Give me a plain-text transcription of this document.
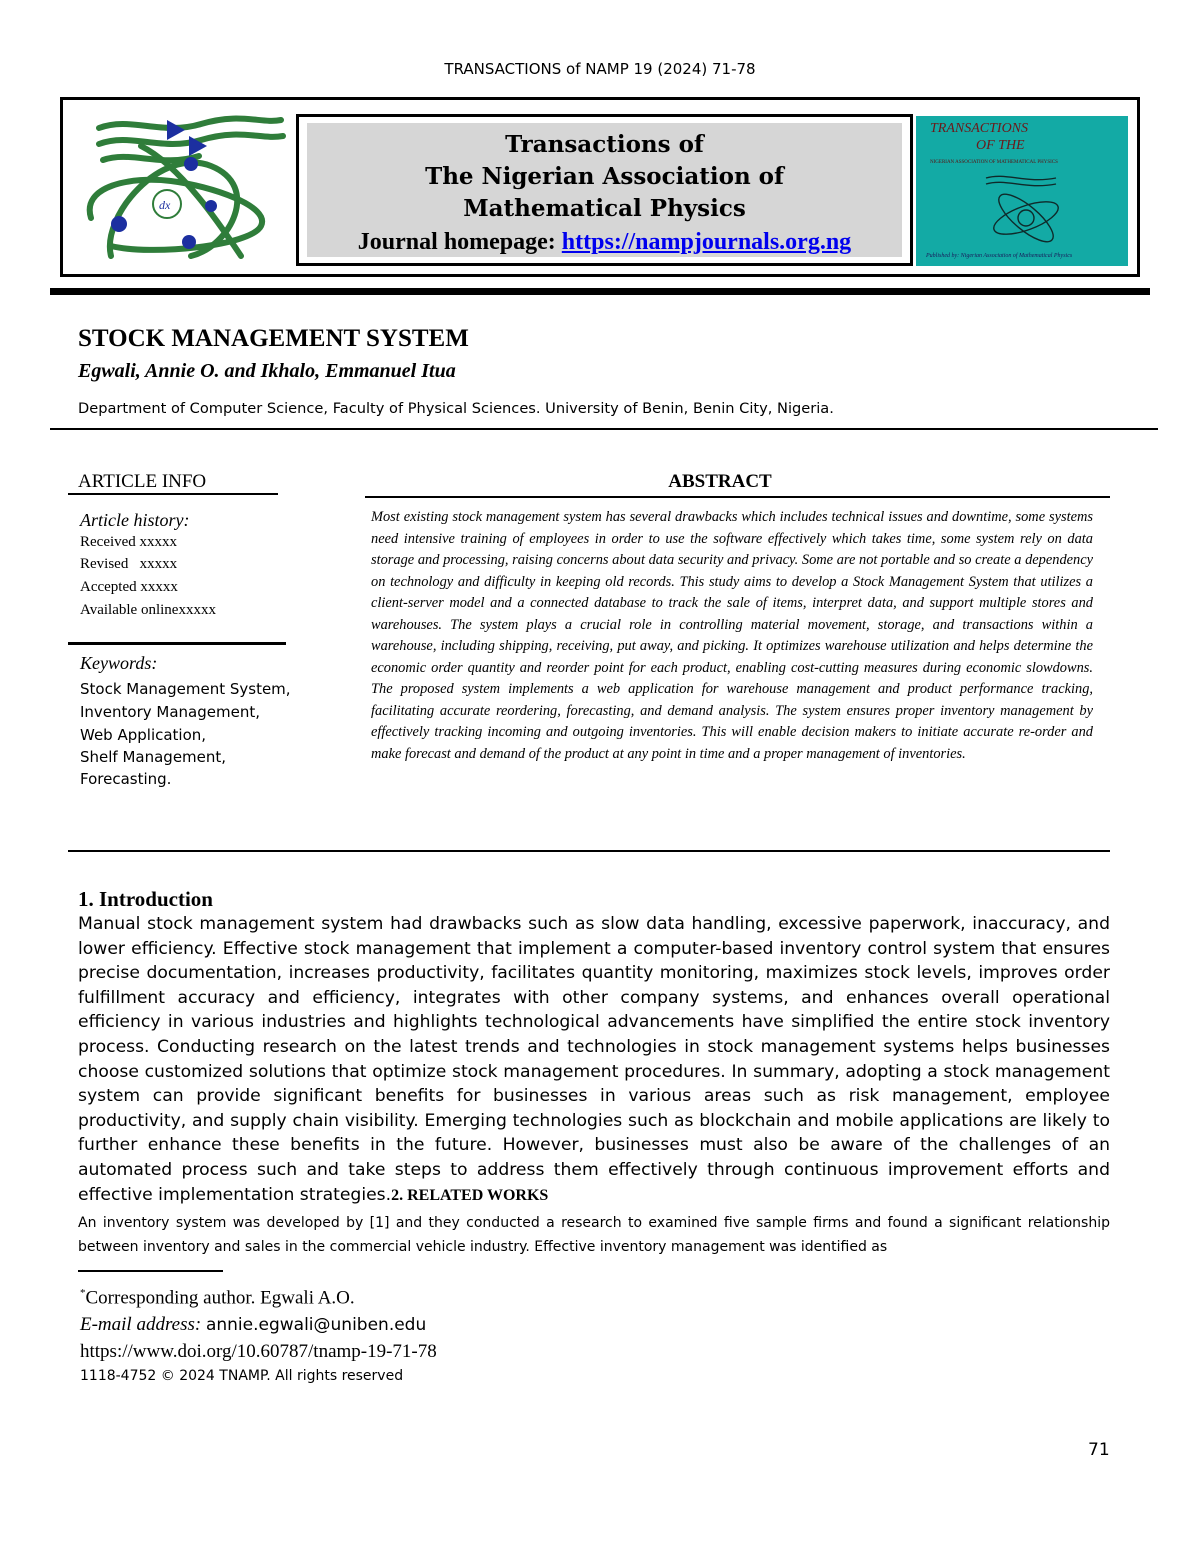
TRANSACTIONS of NAMP 19 (2024) 71-78
dx
Transactions of
The Nigerian Association of
Mathematical Physics
Journal homepage: https://nampjournals.org.ng
TRANSACTIONS
OF THE
NIGERIAN ASSOCIATION OF MATHEMATICAL PHYSICS
Published by: Nigerian Association of Mathematical Physics
STOCK MANAGEMENT SYSTEM
Egwali, Annie O. and Ikhalo, Emmanuel Itua
Department of Computer Science, Faculty of Physical Sciences. University of Benin, Benin City, Nigeria.
ARTICLE INFO
Article history:
Received xxxxx
Revised   xxxxx
Accepted xxxxx
Available onlinexxxxx
Keywords:
Stock Management System,
Inventory Management,
Web Application,
Shelf Management,
Forecasting.
ABSTRACT
Most existing stock management system has several drawbacks which includes technical issues and downtime, some systems need intensive training of employees in order to use the software effectively which takes time, some system rely on data storage and processing, raising concerns about data security and privacy. Some are not portable and so create a dependency on technology and difficulty in keeping old records. This study aims to develop a Stock Management System that utilizes a client-server model and a connected database to track the sale of items, interpret data, and support multiple stores and warehouses. The system plays a crucial role in controlling material movement, storage, and transactions within a warehouse, including shipping, receiving, put away, and picking. It optimizes warehouse utilization and helps determine the economic order quantity and reorder point for each product, enabling cost-cutting measures during economic slowdowns. The proposed system implements a web application for warehouse management and product performance tracking, facilitating accurate reordering, forecasting, and demand analysis. The system ensures proper inventory management by effectively tracking incoming and outgoing inventories. This will enable decision makers to initiate accurate re-order and make forecast and demand of the product at any point in time and a proper management of inventories.
1. Introduction
Manual stock management system had drawbacks such as slow data handling, excessive paperwork, inaccuracy, and lower efficiency. Effective stock management that implement a computer-based inventory control system that ensures precise documentation, increases productivity, facilitates quantity monitoring, maximizes stock levels, improves order fulfillment accuracy and efficiency, integrates with other company systems, and enhances overall operational efficiency in various industries and highlights technological advancements have simplified the entire stock inventory process. Conducting research on the latest trends and technologies in stock management systems helps businesses choose customized solutions that optimize stock management procedures. In summary, adopting a stock management system can provide significant benefits for businesses in various areas such as risk management, employee productivity, and supply chain visibility. Emerging technologies such as blockchain and mobile applications are likely to further enhance these benefits in the future. However, businesses must also be aware of the challenges of an automated process such and take steps to address them effectively through continuous improvement efforts and effective implementation strategies.2. RELATED WORKS
An inventory system was developed by [1] and they conducted a research to examined five sample firms and found a significant relationship between inventory and sales in the commercial vehicle industry. Effective inventory management was identified as
*Corresponding author. Egwali A.O.
E-mail address: annie.egwali@uniben.edu
https://www.doi.org/10.60787/tnamp-19-71-78
1118-4752 © 2024 TNAMP. All rights reserved
71
